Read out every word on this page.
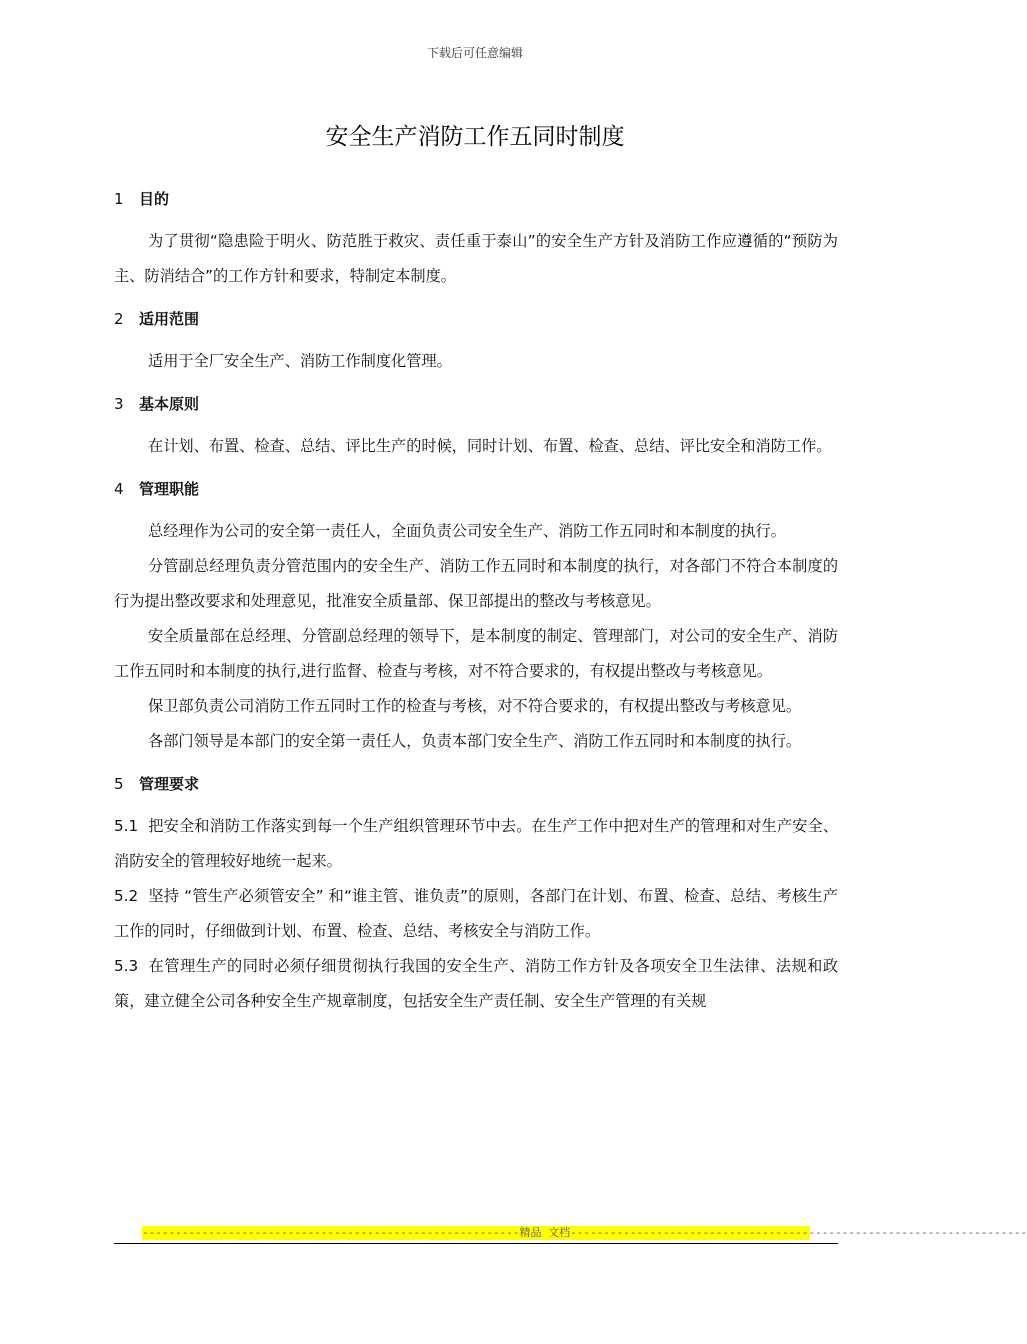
下载后可任意编辑
安全生产消防工作五同时制度
1	目的

为了贯彻“隐患险于明火、防范胜于救灾、责任重于泰山”的安全生产方针及消防工作应遵循的“预防为主、防消结合”的工作方针和要求，特制定本制度。

2	适用范围

适用于全厂安全生产、消防工作制度化管理。

3	基本原则

在计划、布置、检查、总结、评比生产的时候，同时计划、布置、检查、总结、评比安全和消防工作。

4	管理职能

总经理作为公司的安全第一责任人，全面负责公司安全生产、消防工作五同时和本制度的执行。

分管副总经理负责分管范围内的安全生产、消防工作五同时和本制度的执行，对各部门不符合本制度的行为提出整改要求和处理意见，批准安全质量部、保卫部提出的整改与考核意见。

安全质量部在总经理、分管副总经理的领导下，是本制度的制定、管理部门，对公司的安全生产、消防工作五同时和本制度的执行,进行监督、检查与考核，对不符合要求的，有权提出整改与考核意见。

保卫部负责公司消防工作五同时工作的检查与考核，对不符合要求的，有权提出整改与考核意见。

各部门领导是本部门的安全第一责任人，负责本部门安全生产、消防工作五同时和本制度的执行。

5	管理要求

5.1 把安全和消防工作落实到每一个生产组织管理环节中去。在生产工作中把对生产的管理和对生产安全、消防安全的管理较好地统一起来。

5.2 坚持 “管生产必须管安全” 和“谁主管、谁负责”的原则，各部门在计划、布置、检查、总结、考核生产工作的同时，仔细做到计划、布置、检查、总结、考核安全与消防工作。

5.3 在管理生产的同时必须仔细贯彻执行我国的安全生产、消防工作方针及各项安全卫生法律、法规和政策，建立健全公司各种安全生产规章制度，包括安全生产责任制、安全生产管理的有关规

---------------------------------------------------------精品 文档---------------------------------------------------------------------
